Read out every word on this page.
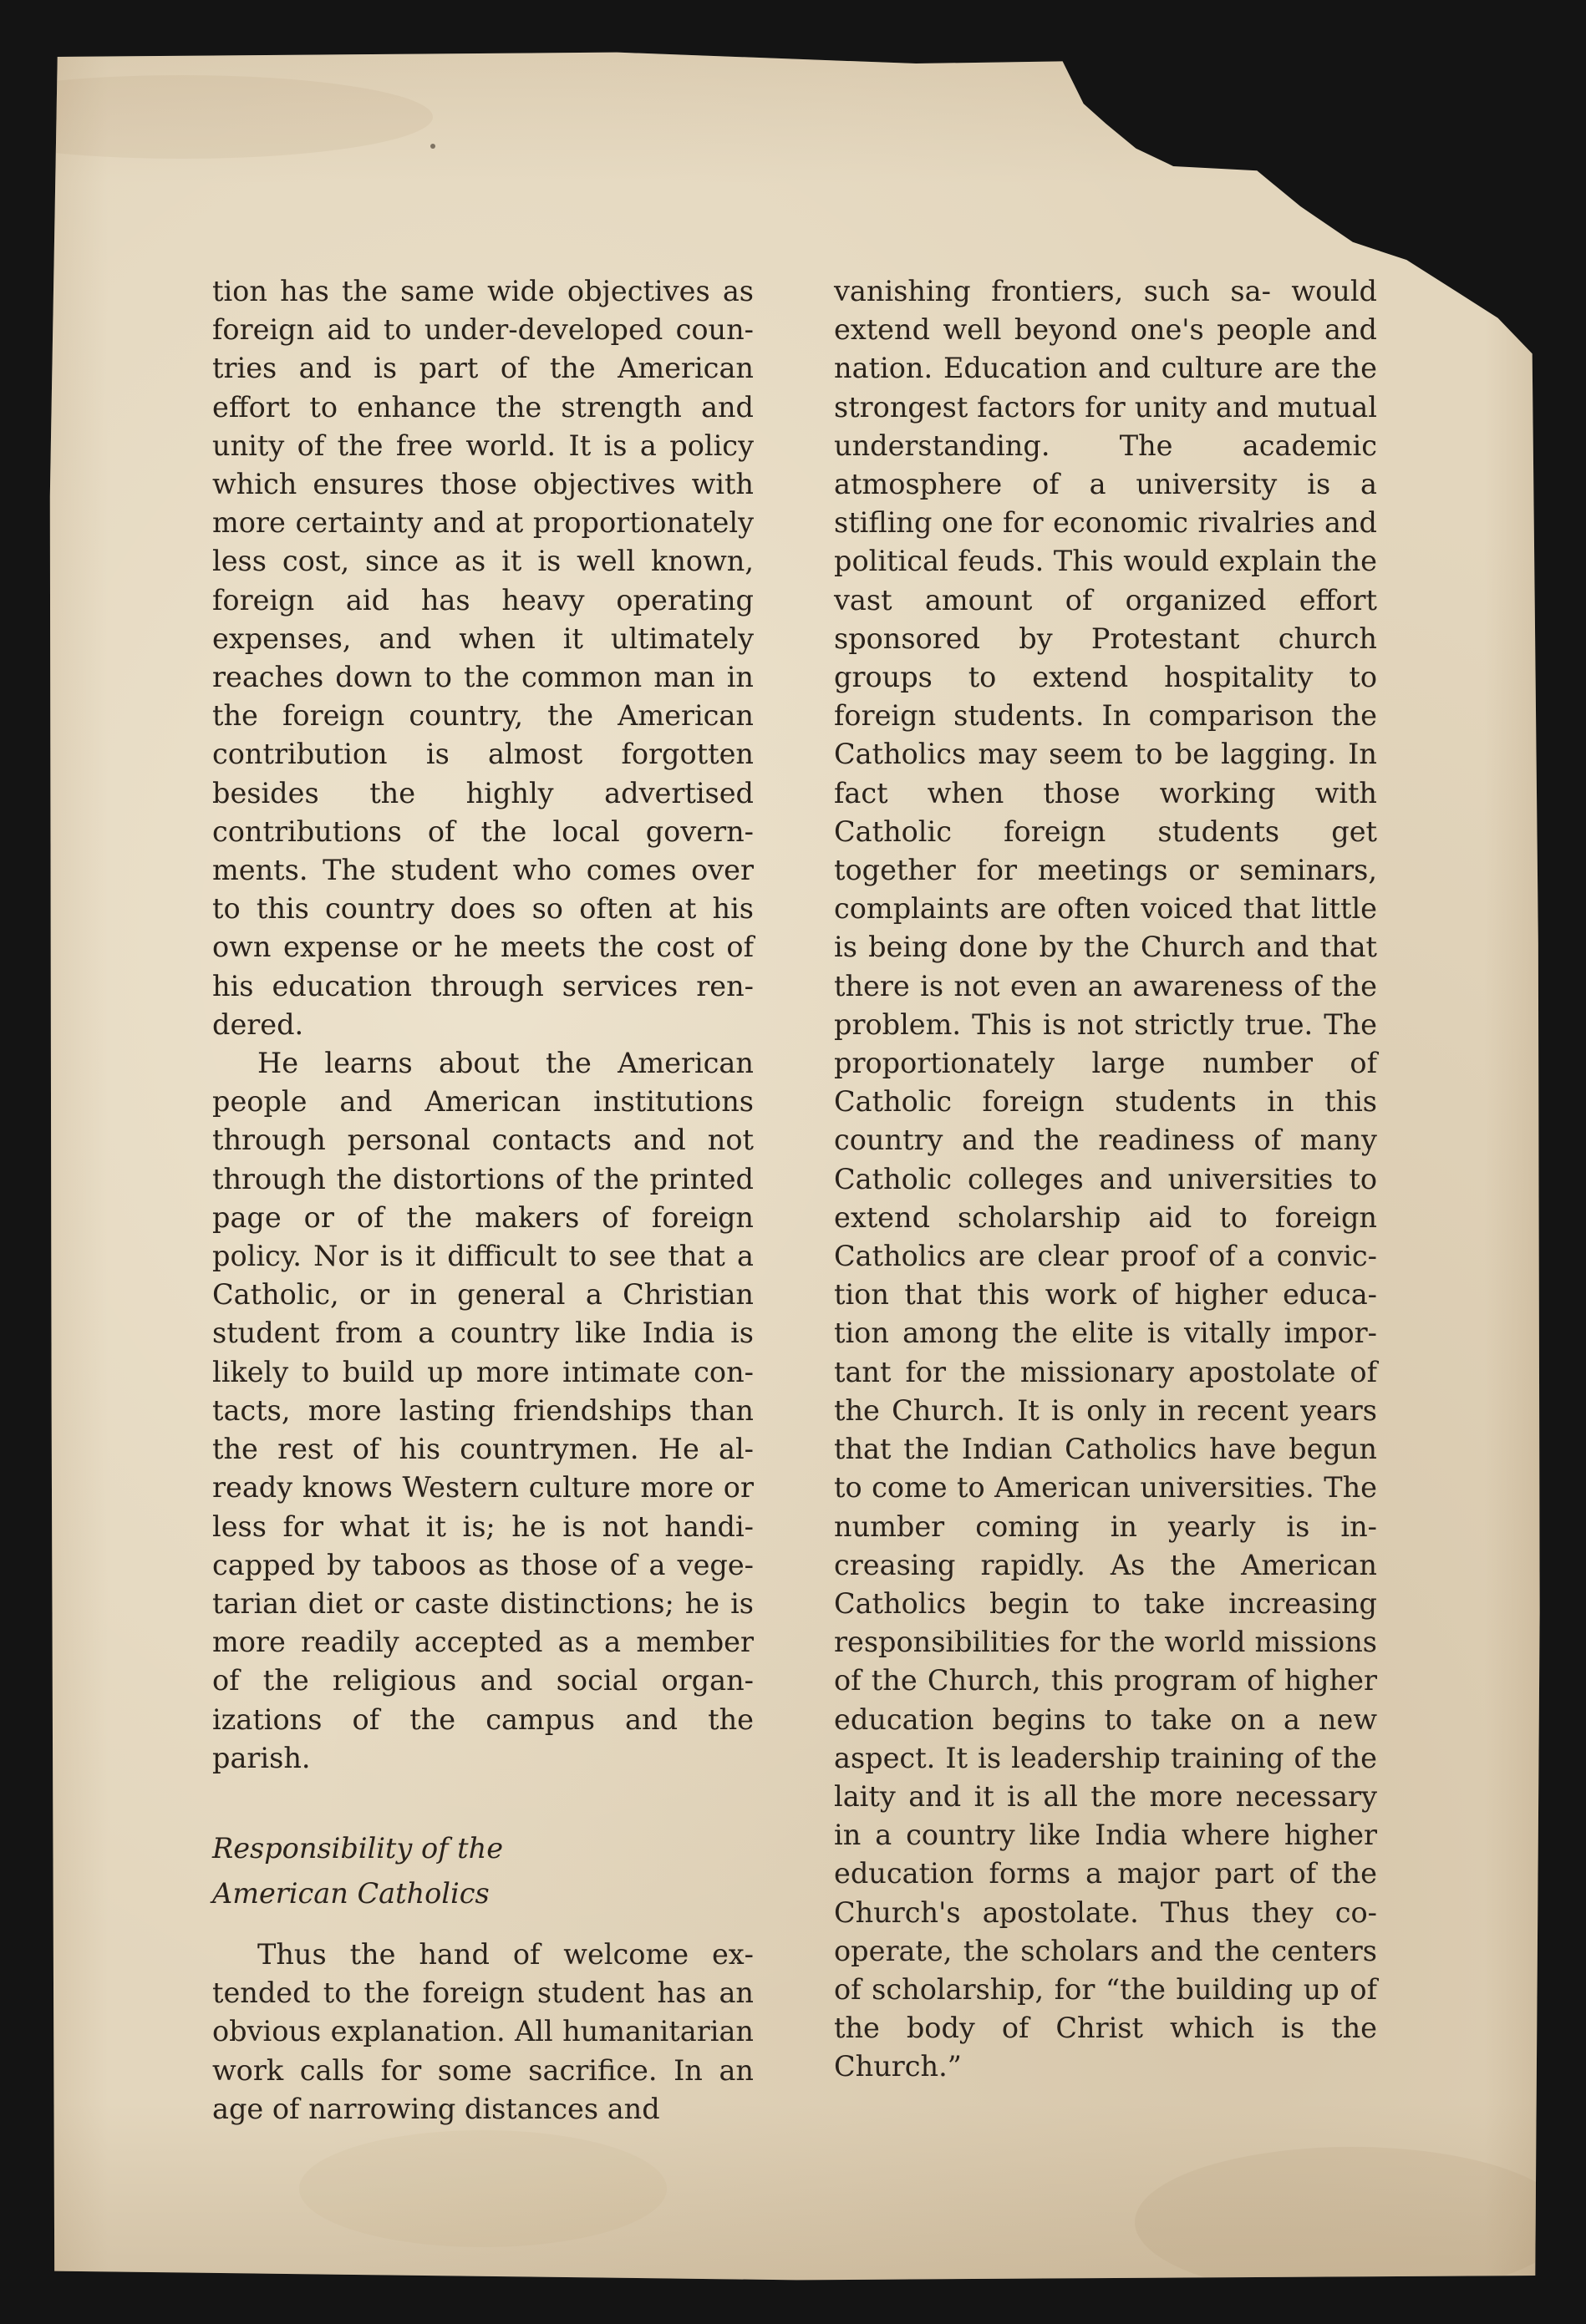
tion has the same wide objectives as foreign aid to under-developed countries and is part of the American effort to enhance the strength and unity of the free world. It is a policy which ensures those objectives with more certainty and at proportionately less cost, since as it is well known, foreign aid has heavy operating expenses, and when it ultimately reaches down to the common man in the foreign country, the American contribution is almost forgotten besides the highly advertised contributions of the local governments. The student who comes over to this country does so often at his own expense or he meets the cost of his education through services rendered.

He learns about the American people and American institutions through personal contacts and not through the distortions of the printed page or of the makers of foreign policy. Nor is it difficult to see that a Catholic, or in general a Christian student from a country like India is likely to build up more intimate contacts, more lasting friendships than the rest of his countrymen. He already knows Western culture more or less for what it is; he is not handicapped by taboos as those of a vegetarian diet or caste distinctions; he is more readily accepted as a member of the religious and social organizations of the campus and the parish.

Responsibility of the
American Catholics

Thus the hand of welcome extended to the foreign student has an obvious explanation. All humanitarian work calls for some sacrifice. In an age of narrowing distances and

vanishing frontiers, such sa‑ would extend well beyond one's people and nation. Education and culture are the strongest factors for unity and mutual understanding. The academic atmosphere of a university is a stifling one for economic rivalries and political feuds. This would explain the vast amount of organized effort sponsored by Protestant church groups to extend hospitality to foreign students. In comparison the Catholics may seem to be lagging. In fact when those working with Catholic foreign students get together for meetings or seminars, complaints are often voiced that little is being done by the Church and that there is not even an awareness of the problem. This is not strictly true. The proportionately large number of Catholic foreign students in this country and the readiness of many Catholic colleges and universities to extend scholarship aid to foreign Catholics are clear proof of a conviction that this work of higher education among the elite is vitally important for the missionary apostolate of the Church. It is only in recent years that the Indian Catholics have begun to come to American universities. The number coming in yearly is increasing rapidly. As the American Catholics begin to take increasing responsibilities for the world missions of the Church, this program of higher education begins to take on a new aspect. It is leadership training of the laity and it is all the more necessary in a country like India where higher education forms a major part of the Church's apostolate. Thus they co-operate, the scholars and the centers of scholarship, for “the building up of the body of Christ which is the Church.”
